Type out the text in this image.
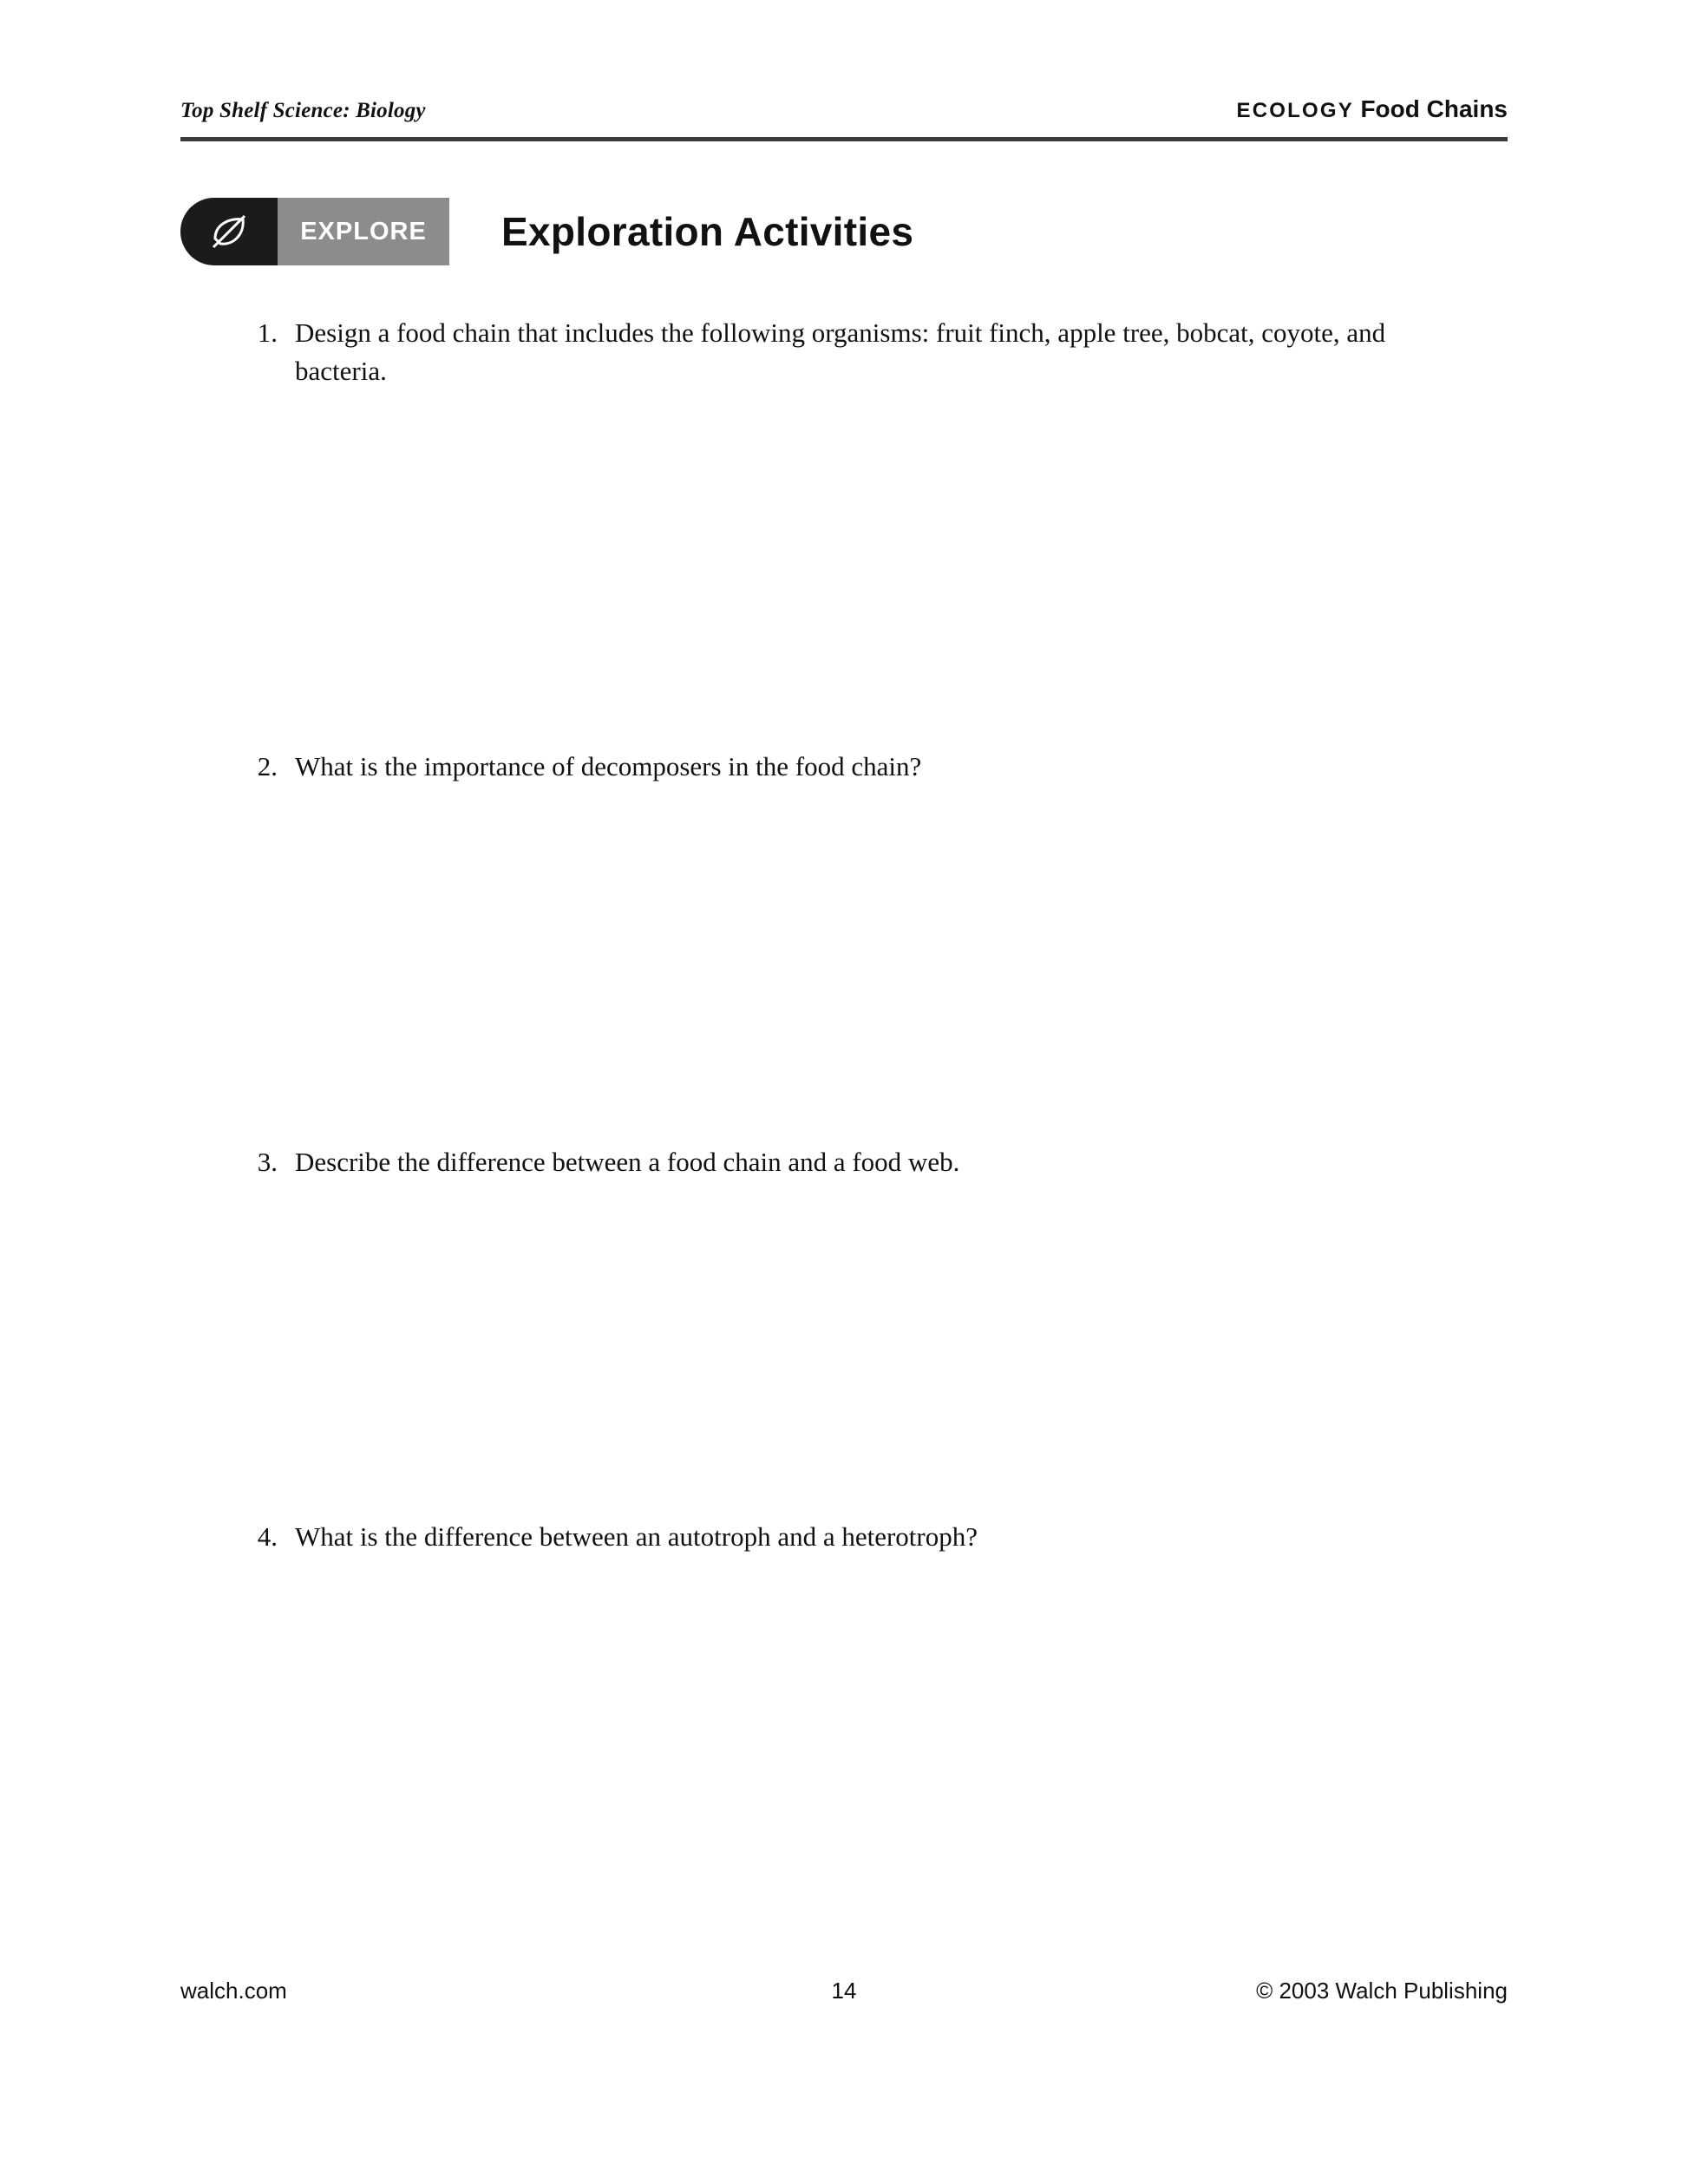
Top Shelf Science: Biology	ECOLOGY Food Chains
EXPLORE Exploration Activities
1. Design a food chain that includes the following organisms: fruit finch, apple tree, bobcat, coyote, and bacteria.
2. What is the importance of decomposers in the food chain?
3. Describe the difference between a food chain and a food web.
4. What is the difference between an autotroph and a heterotroph?
walch.com	14	© 2003 Walch Publishing
